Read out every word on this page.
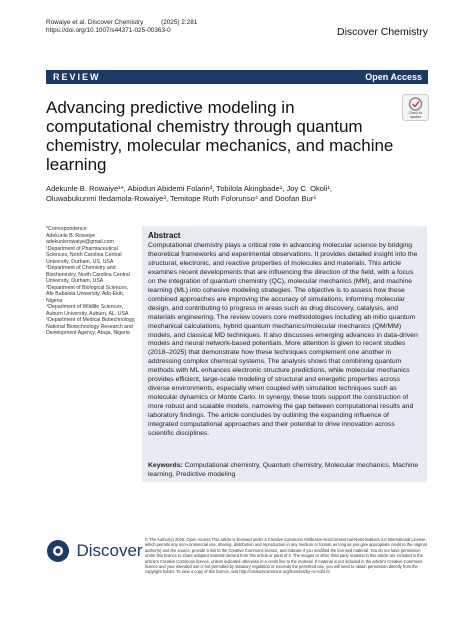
Rowaiye et al. Discover Chemistry          (2025) 2:281
https://doi.org/10.1007/s44371-025-00363-0	Discover Chemistry
REVIEW	Open Access
Advancing predictive modeling in computational chemistry through quantum chemistry, molecular mechanics, and machine learning
Check for updates
Adekunle B. Rowaiye¹*, Abiodun Abidemi Folarin², Tobilola Akingbade¹, Joy C. Okoli¹,
Oluwabukunmi Ifedamola-Rowaiye³, Temitope Ruth Folorunso⁴ and Doofan Bur⁵

*Correspondence:

Adekunle B. Rowaiye

adekunlerowaiye@gmail.com

¹Department of Pharmaceutical Sciences, North Carolina Central University, Durham, US, USA

²Department of Chemistry and Biochemistry, North Carolina Central University, Durham, USA

³Department of Biological Sciences, Afe Babalola University, Ado-Ekiti, Nigeria

⁴Department of Wildlife Sciences, Auburn University, Auburn, AL, USA

⁵Department of Medical Biotechnology, National Biotechnology Research and Development Agency, Abuja, Nigeria

Abstract
Computational chemistry plays a critical role in advancing molecular science by bridging theoretical frameworks and experimental observations. It provides detailed insight into the structural, electronic, and reactive properties of molecules and materials. This article examines recent developments that are influencing the direction of the field, with a focus on the integration of quantum chemistry (QC), molecular mechanics (MM), and machine learning (ML) into cohesive modeling strategies. The objective is to assess how these combined approaches are improving the accuracy of simulations, informing molecular design, and contributing to progress in areas such as drug discovery, catalysis, and materials engineering. The review covers core methodologies including ab initio quantum mechanical calculations, hybrid quantum mechanics/molecular mechanics (QM/MM) models, and classical MD techniques. It also discusses emerging advances in data-driven models and neural network-based potentials. More attention is given to recent studies (2018–2025) that demonstrate how these techniques complement one another in addressing complex chemical systems. The analysis shows that combining quantum methods with ML enhances electronic structure predictions, while molecular mechanics provides efficient, large-scale modeling of structural and energetic properties across diverse environments, especially when coupled with simulation techniques such as molecular dynamics or Monte Carlo. In synergy, these tools support the construction of more robust and scalable models, narrowing the gap between computational results and laboratory findings. The article concludes by outlining the expanding influence of integrated computational approaches and their potential to drive innovation across scientific disciplines.
Keywords: Computational chemistry, Quantum chemistry, Molecular mechanics, Machine learning, Predictive modeling
Discover
© The Author(s) 2025. Open Access This article is licensed under a Creative Commons Attribution-NonCommercial-NoDerivatives 4.0 International License, which permits any non-commercial use, sharing, distribution and reproduction in any medium or format, as long as you give appropriate credit to the original author(s) and the source, provide a link to the Creative Commons licence, and indicate if you modified the licensed material. You do not have permission under this licence to share adapted material derived from this article or parts of it. The images or other third party material in this article are included in the article's Creative Commons licence, unless indicated otherwise in a credit line to the material. If material is not included in the article's Creative Commons licence and your intended use is not permitted by statutory regulation or exceeds the permitted use, you will need to obtain permission directly from the copyright holder. To view a copy of this licence, visit http://creativecommons.org/licenses/by-nc-nd/4.0/.
